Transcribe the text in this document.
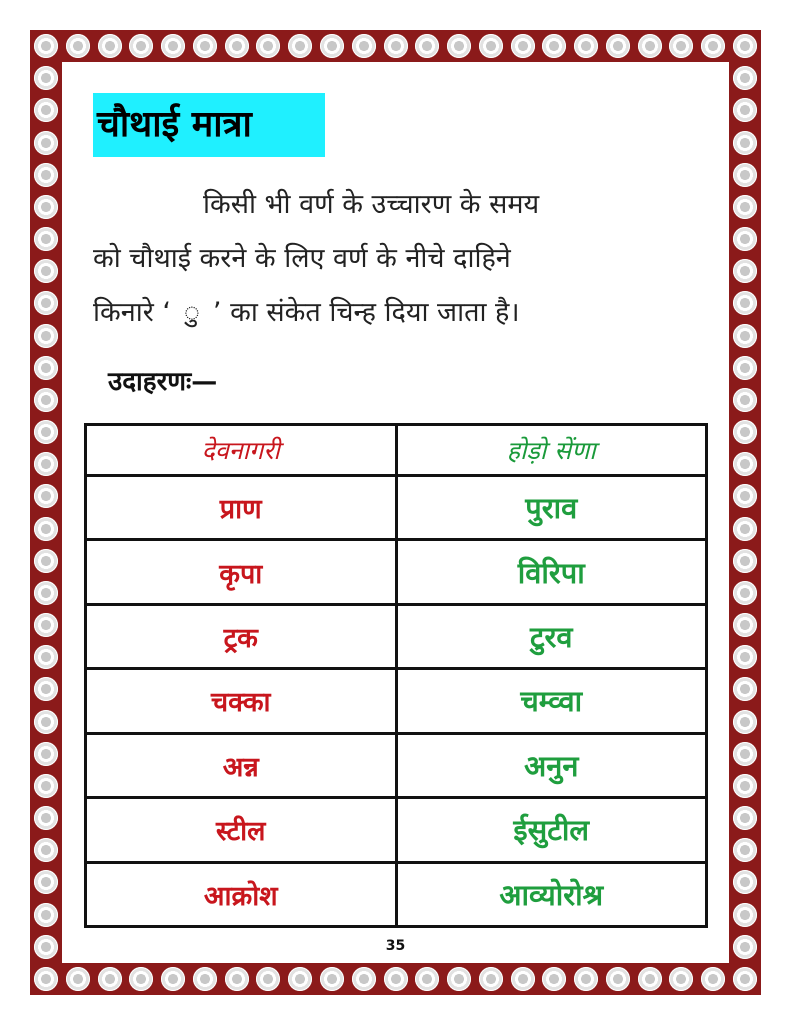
चौथाई मात्रा

किसी भी वर्ण के उच्चारण के समय

को चौथाई करने के लिए वर्ण के नीचे दाहिने

किनारे ‘ ु ’ का संकेत चिन्ह दिया जाता है।

उदाहरणः—
देवनागरी	होड़ो सेंणा
प्राण	पुराव
कृपा	विरिपा
ट्रक	टुरव
चक्का	चम्व्वा
अन्न	अनुन
स्टील	ईसुटील
आक्रोश	आव्योरोश्र
35
